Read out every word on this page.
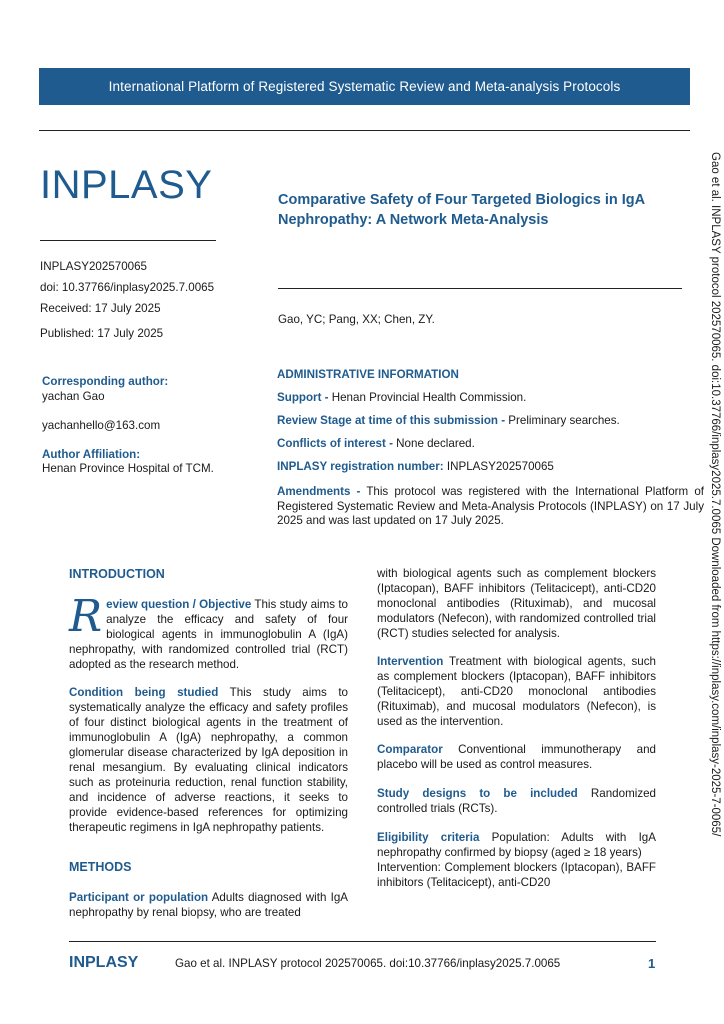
International Platform of Registered Systematic Review and Meta-analysis Protocols
INPLASY
INPLASY202570065
doi: 10.37766/inplasy2025.7.0065
Received: 17 July 2025
Published: 17 July 2025
Corresponding author:
yachan Gao
yachanhello@163.com
Author Affiliation:
Henan Province Hospital of TCM.
Comparative Safety of Four Targeted Biologics in IgA Nephropathy: A Network Meta-Analysis
Gao, YC; Pang, XX; Chen, ZY.
ADMINISTRATIVE INFORMATION
Support - Henan Provincial Health Commission.
Review Stage at time of this submission - Preliminary searches.
Conflicts of interest - None declared.
INPLASY registration number: INPLASY202570065
Amendments - This protocol was registered with the International Platform of Registered Systematic Review and Meta-Analysis Protocols (INPLASY) on 17 July 2025 and was last updated on 17 July 2025.
INTRODUCTION
Review question / Objective This study aims to analyze the efficacy and safety of four biological agents in immunoglobulin A (IgA) nephropathy, with randomized controlled trial (RCT) adopted as the research method.
Condition being studied This study aims to systematically analyze the efficacy and safety profiles of four distinct biological agents in the treatment of immunoglobulin A (IgA) nephropathy, a common glomerular disease characterized by IgA deposition in renal mesangium. By evaluating clinical indicators such as proteinuria reduction, renal function stability, and incidence of adverse reactions, it seeks to provide evidence-based references for optimizing therapeutic regimens in IgA nephropathy patients.
METHODS
Participant or population Adults diagnosed with IgA nephropathy by renal biopsy, who are treated
with biological agents such as complement blockers (Iptacopan), BAFF inhibitors (Telitacicept), anti-CD20 monoclonal antibodies (Rituximab), and mucosal modulators (Nefecon), with randomized controlled trial (RCT) studies selected for analysis.
Intervention Treatment with biological agents, such as complement blockers (Iptacopan), BAFF inhibitors (Telitacicept), anti-CD20 monoclonal antibodies (Rituximab), and mucosal modulators (Nefecon), is used as the intervention.
Comparator Conventional immunotherapy and placebo will be used as control measures.
Study designs to be included Randomized controlled trials (RCTs).
Eligibility criteria Population: Adults with IgA nephropathy confirmed by biopsy (aged ≥ 18 years)
Intervention: Complement blockers (Iptacopan), BAFF inhibitors (Telitacicept), anti-CD20
Gao et al. INPLASY protocol 202570065. doi:10.37766/inplasy2025.7.0065 Downloaded from https://inplasy.com/inplasy-2025-7-0065/
INPLASY	Gao et al. INPLASY protocol 202570065. doi:10.37766/inplasy2025.7.0065	1
